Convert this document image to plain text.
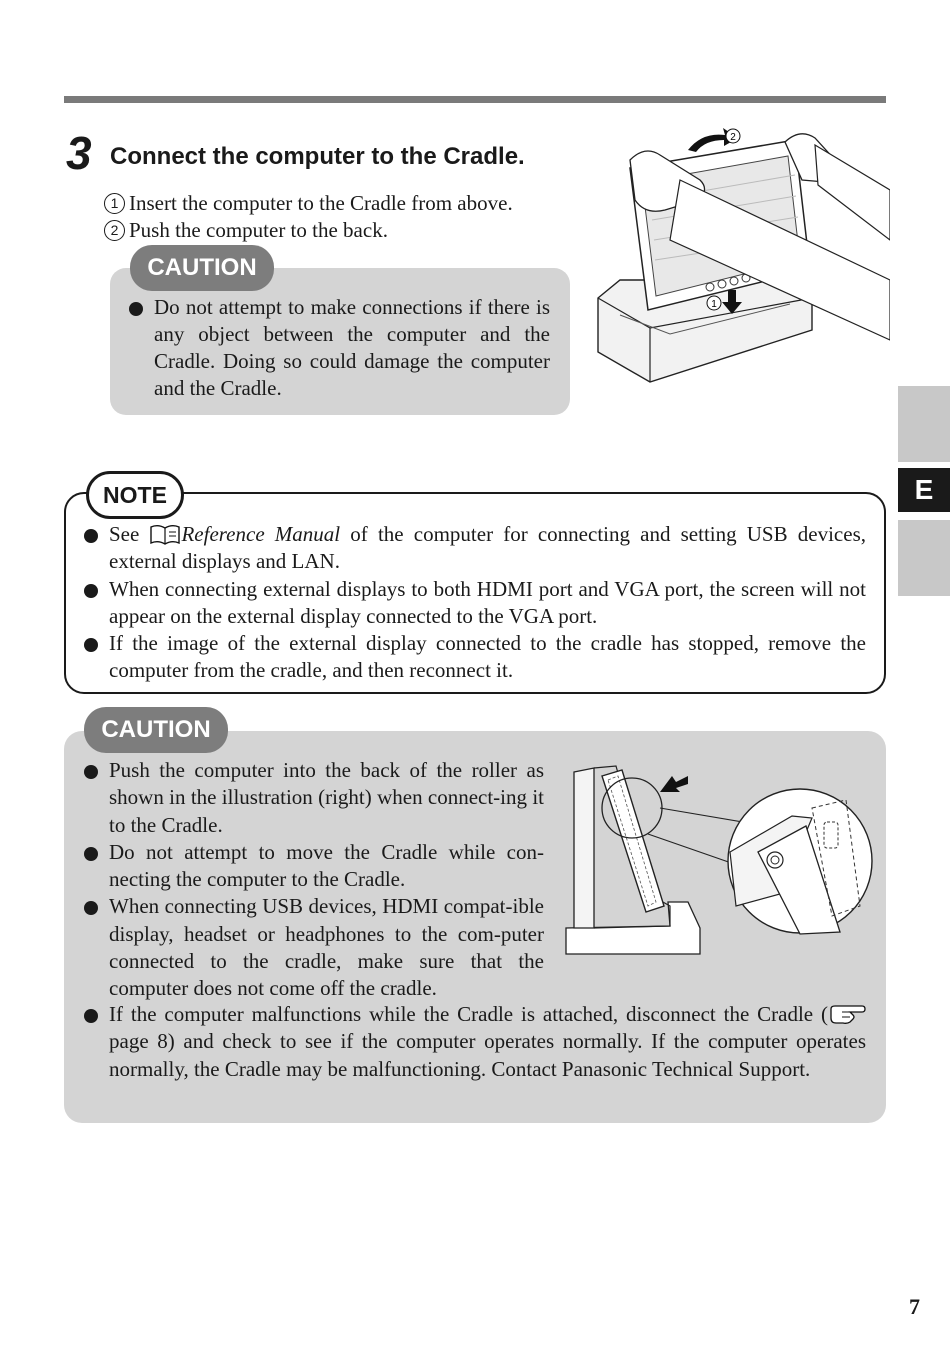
3 Connect the computer to the Cradle.
1 Insert the computer to the Cradle from above.
2 Push the computer to the back.
CAUTION
Do not attempt to make connections if there is any object between the computer and the Cradle. Doing so could damage the computer and the Cradle.
2
1
NOTE
See Reference Manual of the computer for connecting and setting USB devices, external displays and LAN.
When connecting external displays to both HDMI port and VGA port, the screen will not appear on the external display connected to the VGA port.
If the image of the external display connected to the cradle has stopped, remove the computer from the cradle, and then reconnect it.
CAUTION
Push the computer into the back of the roller as shown in the illustration (right) when connect-ing it to the Cradle.
Do not attempt to move the Cradle while con-necting the computer to the Cradle.
When connecting USB devices, HDMI compat-ible display, headset or headphones to the com-puter connected to the cradle, make sure that the computer does not come off the cradle.
If the computer malfunctions while the Cradle is attached, disconnect the Cradle ( page 8) and check to see if the computer operates normally. If the computer operates normally, the Cradle may be malfunctioning. Contact Panasonic Technical Support.
E
7
